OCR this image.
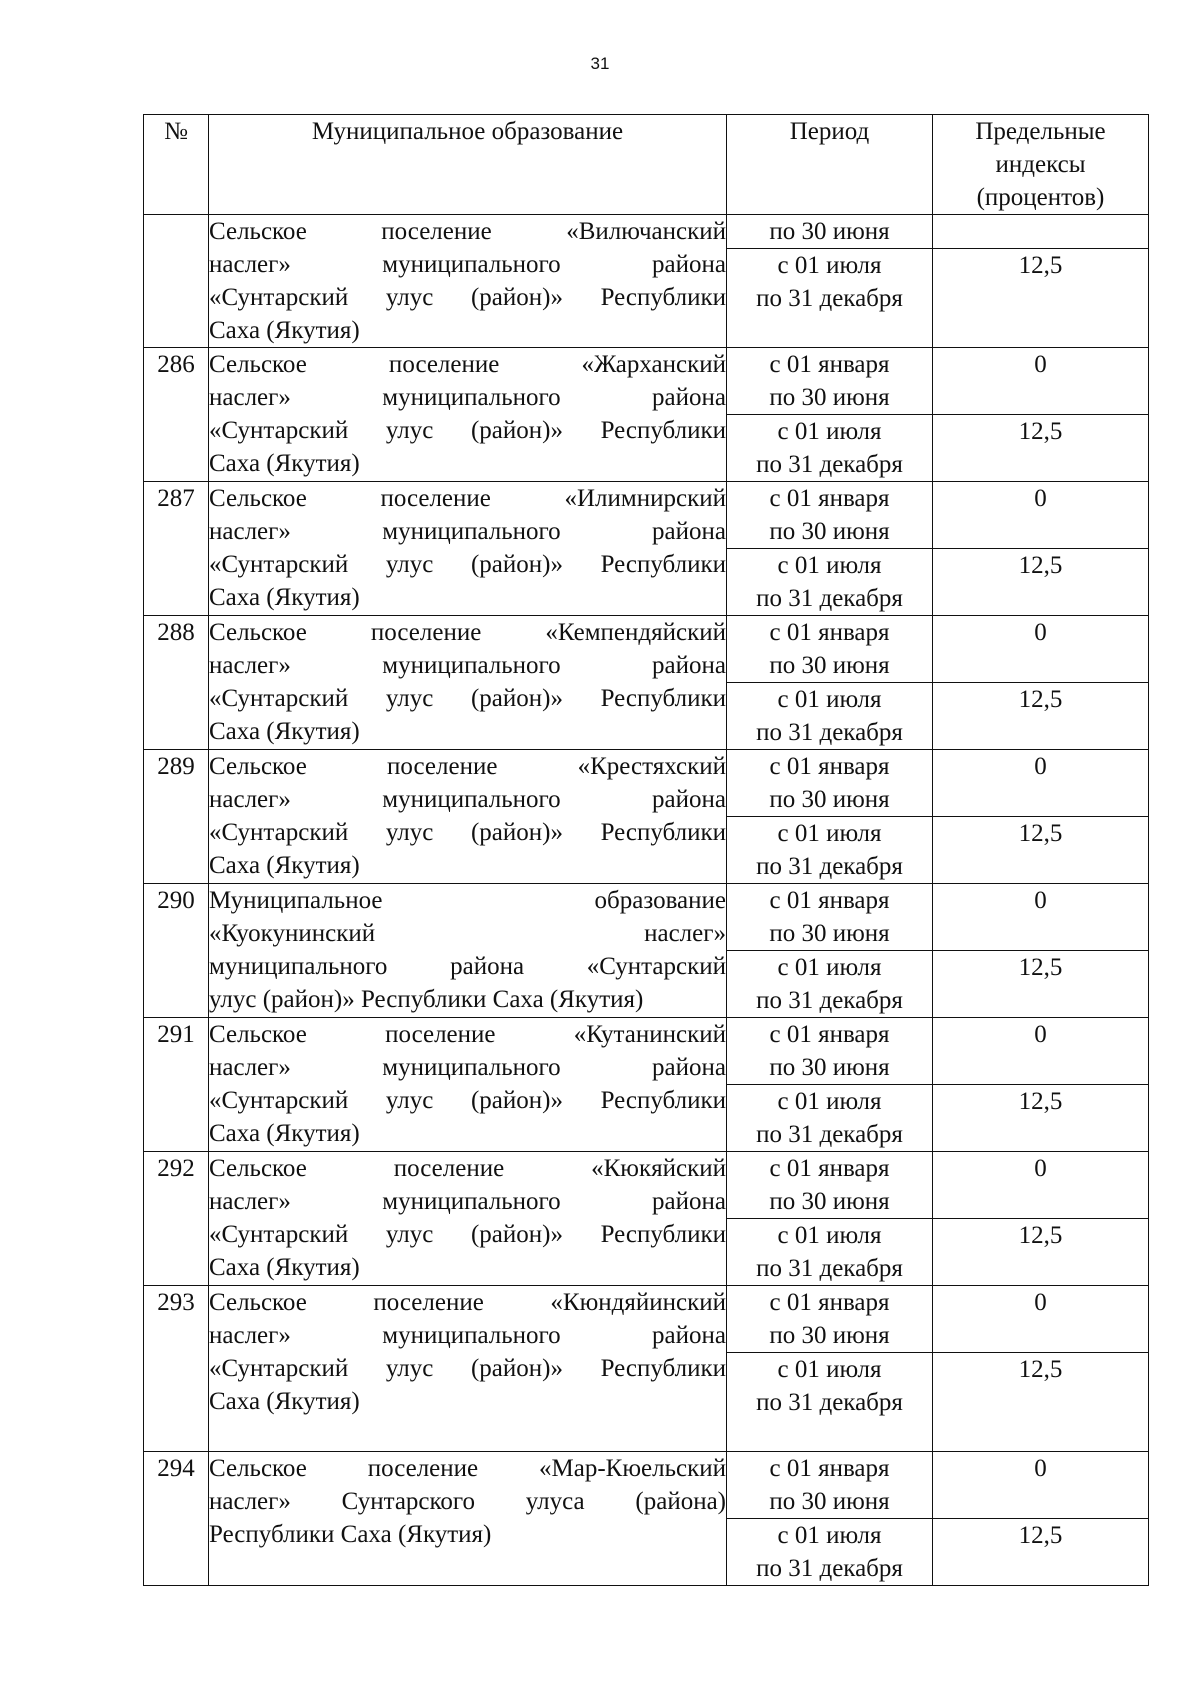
31
№	Муниципальное образование	Период	Предельные
индексы
(процентов)

	Сельское поселение «Вилючанский
наслег» муниципального района
«Сунтарский улус (район)» Республики
Саха (Якутия)	по 30 июня	

		с 01 июля
по 31 декабря	12,5
286	Сельское поселение «Жарханский
наслег» муниципального района
«Сунтарский улус (район)» Республики
Саха (Якутия)	с 01 января
по 30 июня	0

		с 01 июля
по 31 декабря	12,5
287	Сельское поселение «Илимнирский
наслег» муниципального района
«Сунтарский улус (район)» Республики
Саха (Якутия)	с 01 января
по 30 июня	0

		с 01 июля
по 31 декабря	12,5
288	Сельское поселение «Кемпендяйский
наслег» муниципального района
«Сунтарский улус (район)» Республики
Саха (Якутия)	с 01 января
по 30 июня	0

		с 01 июля
по 31 декабря	12,5
289	Сельское поселение «Крестяхский
наслег» муниципального района
«Сунтарский улус (район)» Республики
Саха (Якутия)	с 01 января
по 30 июня	0

		с 01 июля
по 31 декабря	12,5
290	Муниципальное образование
«Куокунинский наслег»
муниципального района «Сунтарский
улус (район)» Республики Саха (Якутия)	с 01 января
по 30 июня	0

		с 01 июля
по 31 декабря	12,5
291	Сельское поселение «Кутанинский
наслег» муниципального района
«Сунтарский улус (район)» Республики
Саха (Якутия)	с 01 января
по 30 июня	0

		с 01 июля
по 31 декабря	12,5
292	Сельское поселение «Кюкяйский
наслег» муниципального района
«Сунтарский улус (район)» Республики
Саха (Якутия)	с 01 января
по 30 июня	0

		с 01 июля
по 31 декабря	12,5
293	Сельское поселение «Кюндяйинский
наслег» муниципального района
«Сунтарский улус (район)» Республики
Саха (Якутия)	с 01 января
по 30 июня	0

		с 01 июля
по 31 декабря	12,5
294	Сельское поселение «Мар-Кюельский
наслег» Сунтарского улуса (района)
Республики Саха (Якутия)	с 01 января
по 30 июня	0

		с 01 июля
по 31 декабря	12,5
